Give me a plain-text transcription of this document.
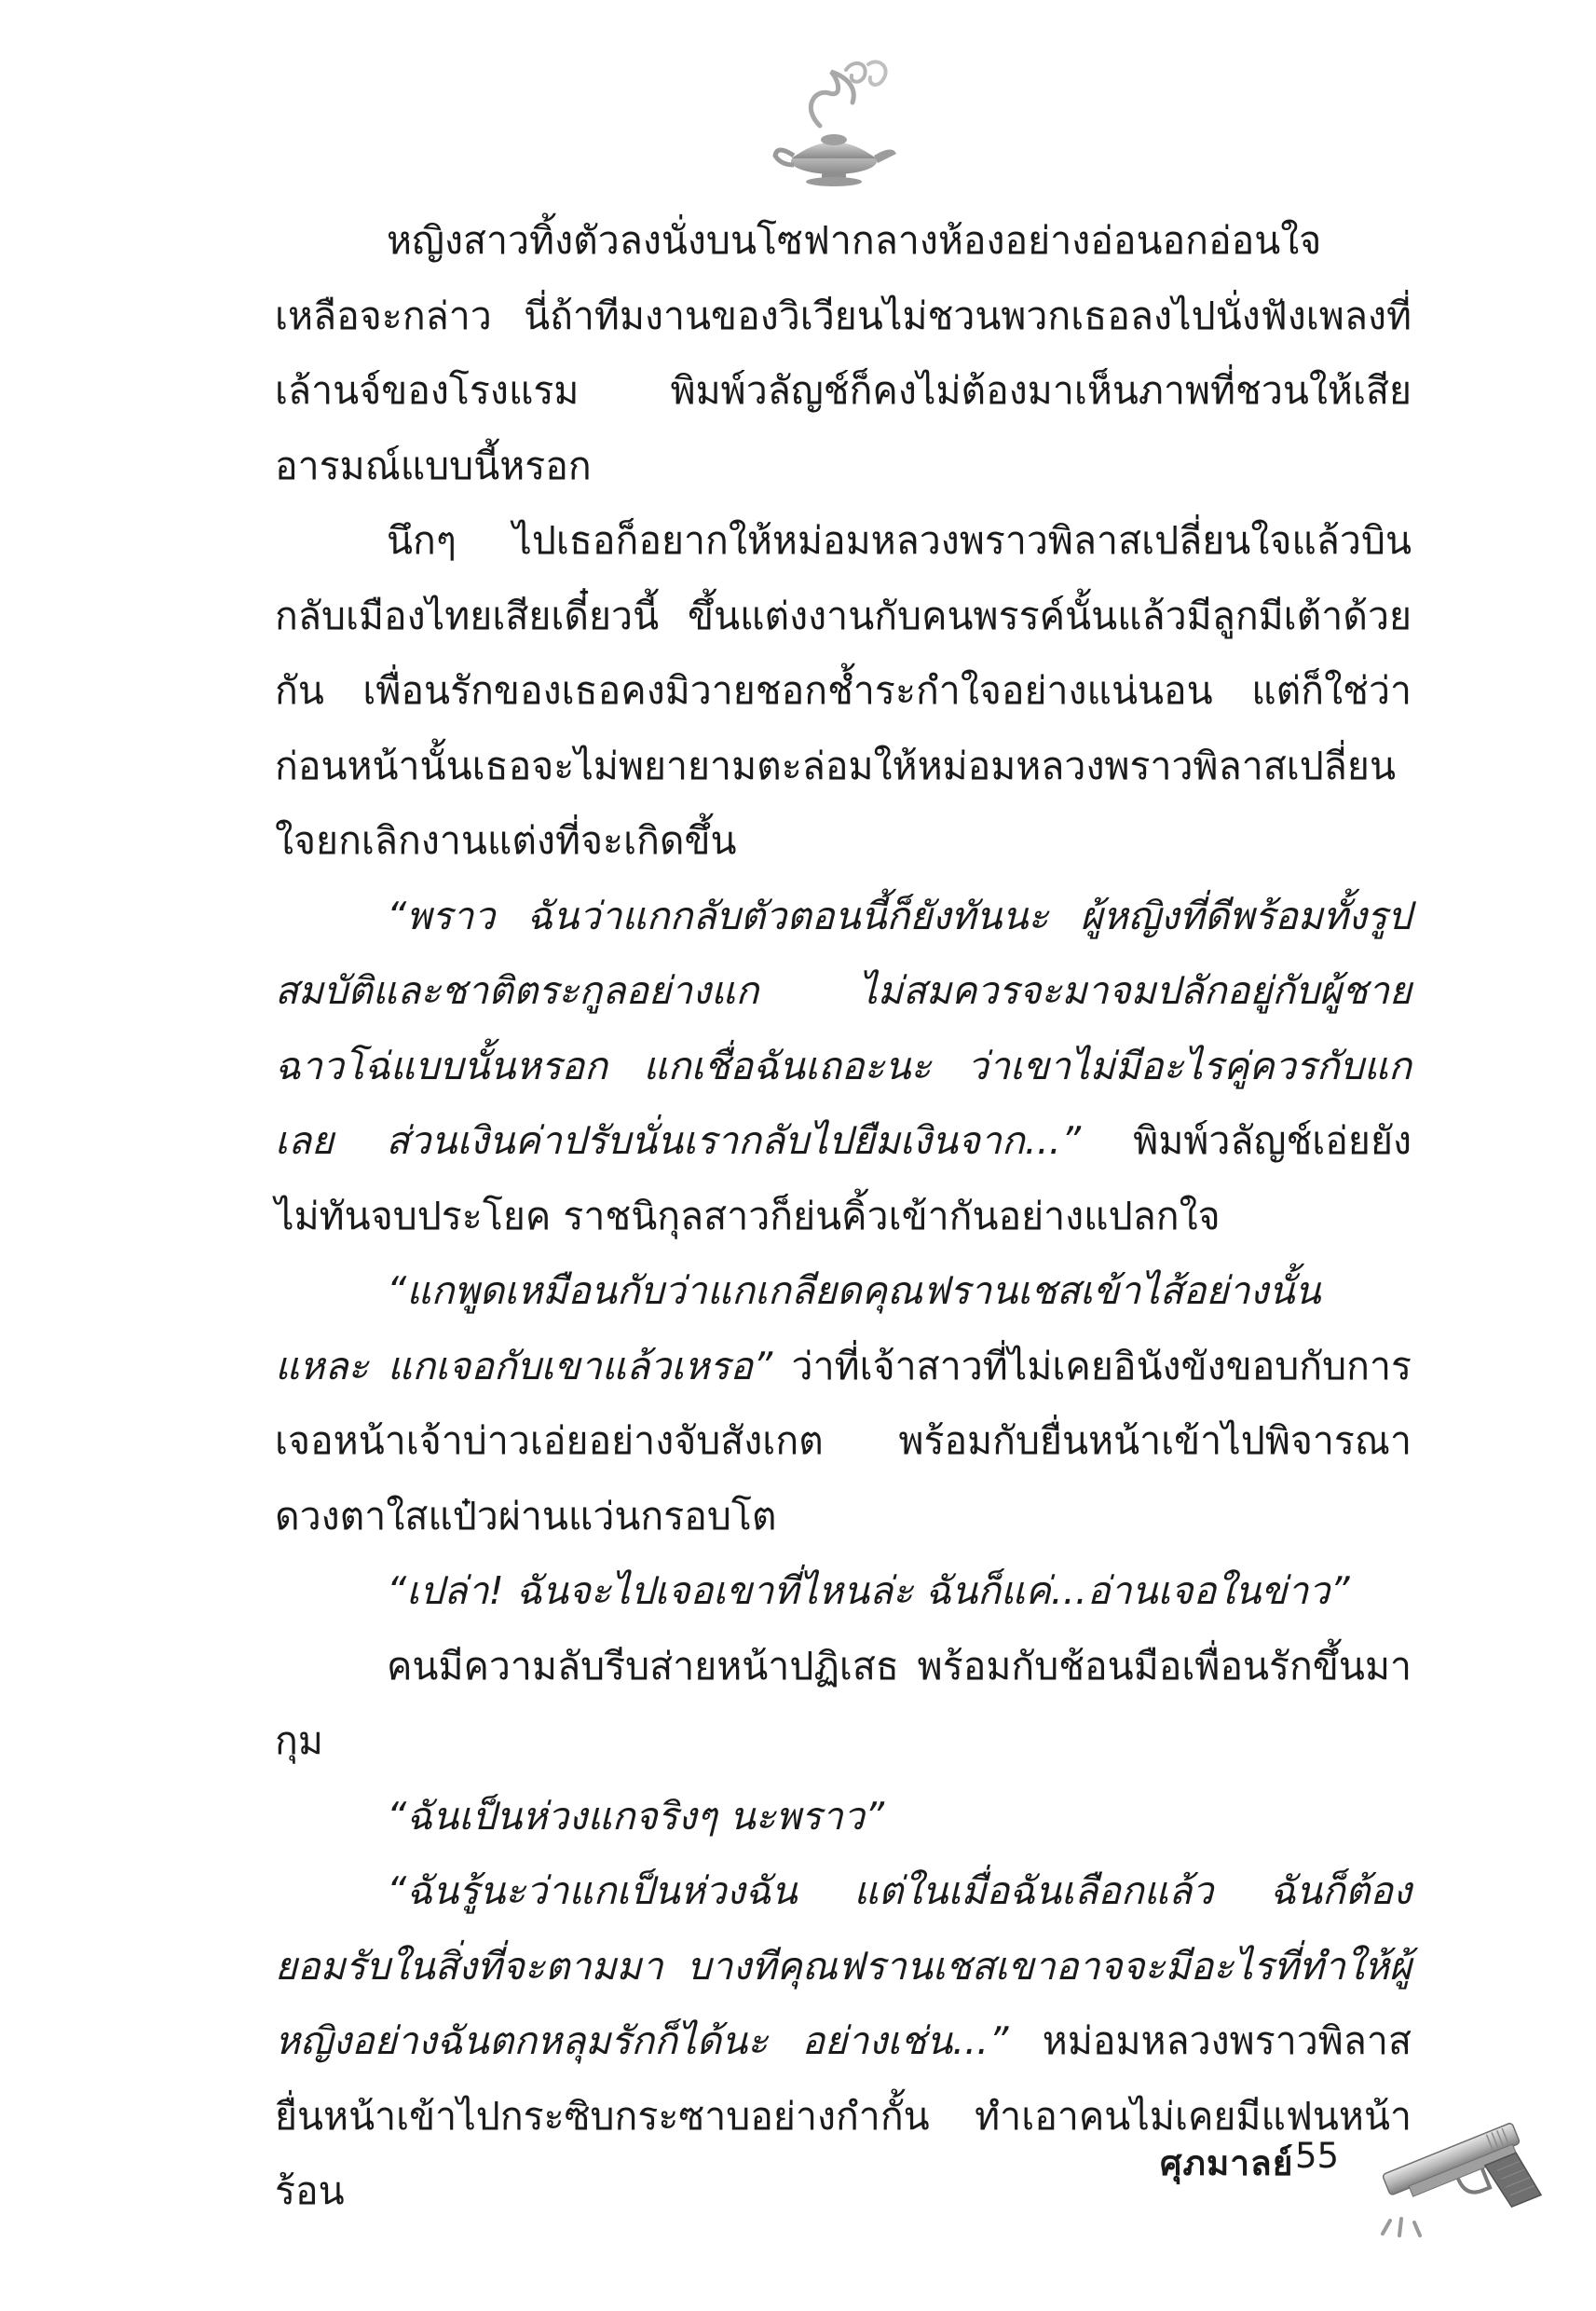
หญิงสาวทิ้งตัวลงนั่งบนโซฟากลางห้องอย่างอ่อนอกอ่อนใจ เหลือจะกล่าว นี่ถ้าทีมงานของวิเวียนไม่ชวนพวกเธอลงไปนั่งฟังเพลงที่เล้านจ์ของโรงแรม พิมพ์วลัญช์ก็คงไม่ต้องมาเห็นภาพที่ชวนให้เสียอารมณ์แบบนี้หรอก

นึกๆ ไปเธอก็อยากให้หม่อมหลวงพราวพิลาสเปลี่ยนใจแล้วบินกลับเมืองไทยเสียเดี๋ยวนี้ ขึ้นแต่งงานกับคนพรรค์นั้นแล้วมีลูกมีเต้าด้วยกัน เพื่อนรักของเธอคงมิวายชอกช้ำระกำใจอย่างแน่นอน แต่ก็ใช่ว่าก่อนหน้านั้นเธอจะไม่พยายามตะล่อมให้หม่อมหลวงพราวพิลาสเปลี่ยนใจยกเลิกงานแต่งที่จะเกิดขึ้น

“พราว ฉันว่าแกกลับตัวตอนนี้ก็ยังทันนะ ผู้หญิงที่ดีพร้อมทั้งรูปสมบัติและชาติตระกูลอย่างแก ไม่สมควรจะมาจมปลักอยู่กับผู้ชายฉาวโฉ่แบบนั้นหรอก แกเชื่อฉันเถอะนะ ว่าเขาไม่มีอะไรคู่ควรกับแกเลย ส่วนเงินค่าปรับนั่นเรากลับไปยืมเงินจาก...” พิมพ์วลัญช์เอ่ยยังไม่ทันจบประโยค ราชนิกุลสาวก็ย่นคิ้วเข้ากันอย่างแปลกใจ

“แกพูดเหมือนกับว่าแกเกลียดคุณฟรานเชสเข้าไส้อย่างนั้นแหละ แกเจอกับเขาแล้วเหรอ” ว่าที่เจ้าสาวที่ไม่เคยอินังขังขอบกับการเจอหน้าเจ้าบ่าวเอ่ยอย่างจับสังเกต พร้อมกับยื่นหน้าเข้าไปพิจารณาดวงตาใสแป๋วผ่านแว่นกรอบโต

“เปล่า! ฉันจะไปเจอเขาที่ไหนล่ะ ฉันก็แค่...อ่านเจอในข่าว”

คนมีความลับรีบส่ายหน้าปฏิเสธ พร้อมกับช้อนมือเพื่อนรักขึ้นมากุม

“ฉันเป็นห่วงแกจริงๆ นะพราว”

“ฉันรู้นะว่าแกเป็นห่วงฉัน แต่ในเมื่อฉันเลือกแล้ว ฉันก็ต้องยอมรับในสิ่งที่จะตามมา บางทีคุณฟรานเชสเขาอาจจะมีอะไรที่ทำให้ผู้หญิงอย่างฉันตกหลุมรักก็ได้นะ อย่างเช่น...” หม่อมหลวงพราวพิลาสยื่นหน้าเข้าไปกระซิบกระซาบอย่างกำกั้น ทำเอาคนไม่เคยมีแฟนหน้าร้อน

ศุภมาลย์ 55
